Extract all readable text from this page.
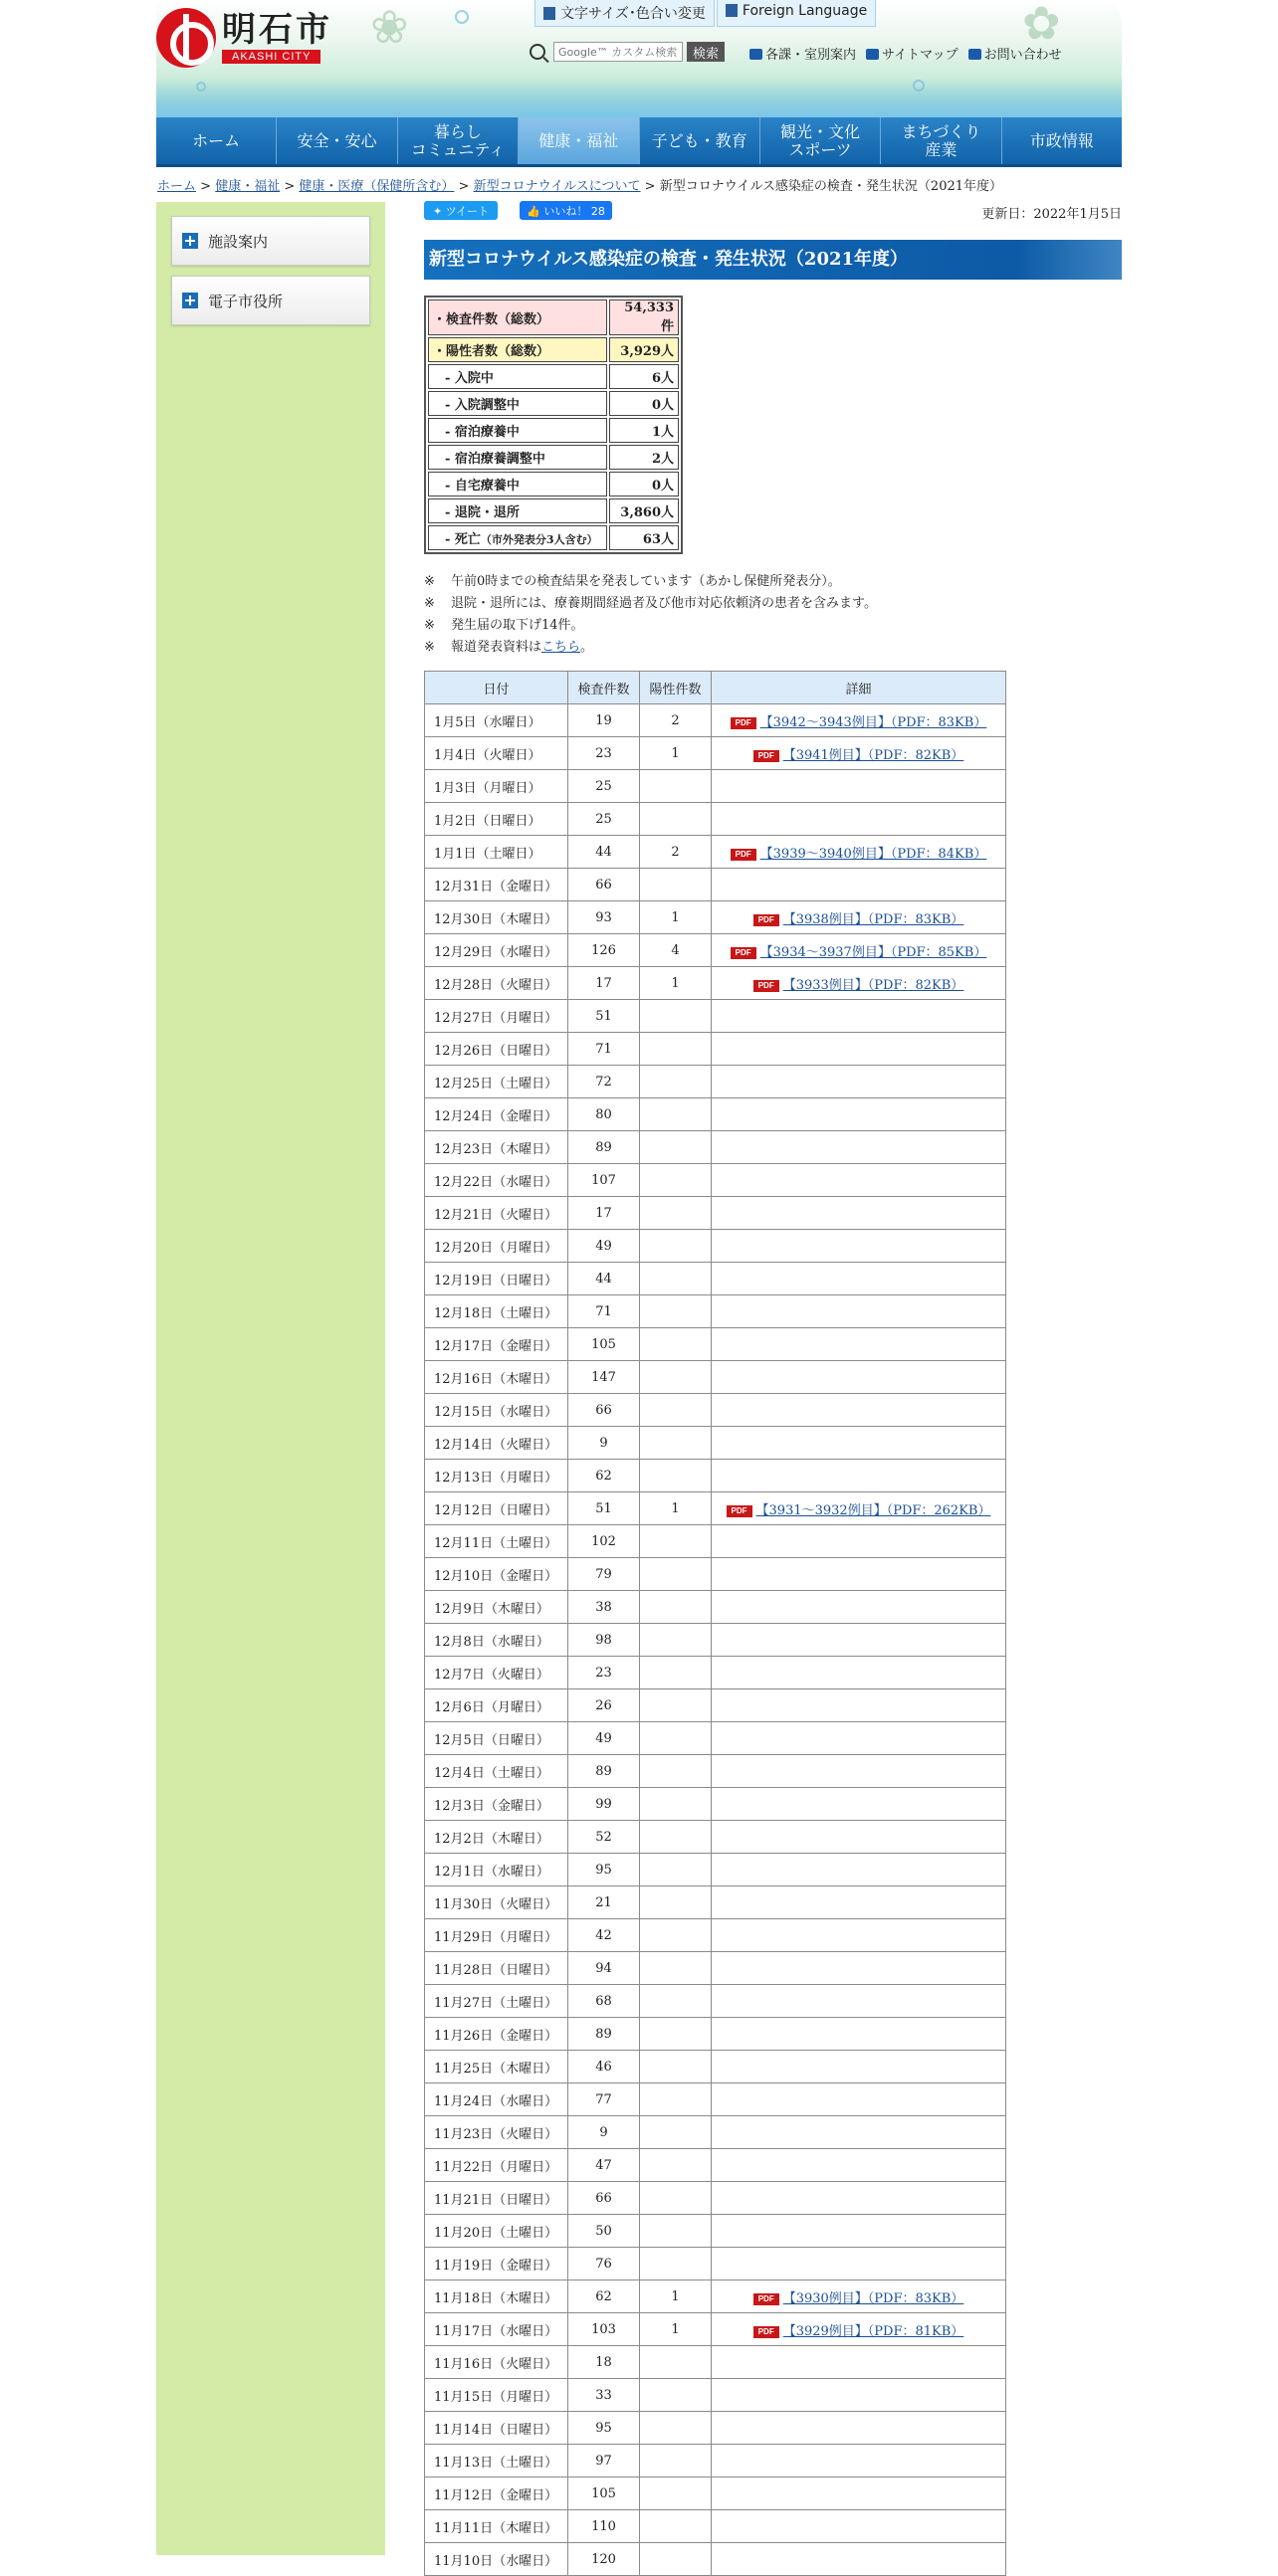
❀	✿
明石市
AKASHI CITY
文字サイズ･色合い変更	Foreign Language
Google™ カスタム検索
検索	各課・室別案内	サイトマップ	お問い合わせ
ホーム	安全・安心	暮らし
コミュニティ	健康・福祉	子ども・教育	観光・文化
スポーツ
まちづくり
産業	市政情報
ホーム > 健康・福祉 > 健康・医療（保健所含む） > 新型コロナウイルスについて > 新型コロナウイルス感染症の検査・発生状況（2021年度）
施設案内
電子市役所
✦ ツイート	👍 いいね！ 28	更新日：2022年1月5日
新型コロナウイルス感染症の検査・発生状況（2021年度）
・検査件数（総数）	54,333件
・陽性者数（総数）	3,929人
- 入院中	6人
- 入院調整中	0人
- 宿泊療養中	1人
- 宿泊療養調整中	2人
- 自宅療養中	0人
- 退院・退所	3,860人
- 死亡（市外発表分3人含む）	63人
※	午前0時までの検査結果を発表しています（あかし保健所発表分）。
※	退院・退所には、療養期間経過者及び他市対応依頼済の患者を含みます。
※	発生届の取下げ14件。
※	報道発表資料はこちら。
日付	検査件数	陽性件数	詳細
1月5日（水曜日）	19	2	PDF 【3942～3943例目】（PDF：83KB）
1月4日（火曜日）	23	1	PDF 【3941例目】（PDF：82KB）
1月3日（月曜日）	25		
1月2日（日曜日）	25		
1月1日（土曜日）	44	2	PDF 【3939～3940例目】（PDF：84KB）
12月31日（金曜日）	66		
12月30日（木曜日）	93	1	PDF 【3938例目】（PDF：83KB）
12月29日（水曜日）	126	4	PDF 【3934～3937例目】（PDF：85KB）
12月28日（火曜日）	17	1	PDF 【3933例目】（PDF：82KB）
12月27日（月曜日）	51		
12月26日（日曜日）	71		
12月25日（土曜日）	72		
12月24日（金曜日）	80		
12月23日（木曜日）	89		
12月22日（水曜日）	107		
12月21日（火曜日）	17		
12月20日（月曜日）	49		
12月19日（日曜日）	44		
12月18日（土曜日）	71		
12月17日（金曜日）	105		
12月16日（木曜日）	147		
12月15日（水曜日）	66		
12月14日（火曜日）	9		
12月13日（月曜日）	62		
12月12日（日曜日）	51	1	PDF 【3931～3932例目】（PDF：262KB）
12月11日（土曜日）	102		
12月10日（金曜日）	79		
12月9日（木曜日）	38		
12月8日（水曜日）	98		
12月7日（火曜日）	23		
12月6日（月曜日）	26		
12月5日（日曜日）	49		
12月4日（土曜日）	89		
12月3日（金曜日）	99		
12月2日（木曜日）	52		
12月1日（水曜日）	95		
11月30日（火曜日）	21		
11月29日（月曜日）	42		
11月28日（日曜日）	94		
11月27日（土曜日）	68		
11月26日（金曜日）	89		
11月25日（木曜日）	46		
11月24日（水曜日）	77		
11月23日（火曜日）	9		
11月22日（月曜日）	47		
11月21日（日曜日）	66		
11月20日（土曜日）	50		
11月19日（金曜日）	76		
11月18日（木曜日）	62	1	PDF 【3930例目】（PDF：83KB）
11月17日（水曜日）	103	1	PDF 【3929例目】（PDF：81KB）
11月16日（火曜日）	18		
11月15日（月曜日）	33		
11月14日（日曜日）	95		
11月13日（土曜日）	97		
11月12日（金曜日）	105		
11月11日（木曜日）	110		
11月10日（水曜日）	120		
